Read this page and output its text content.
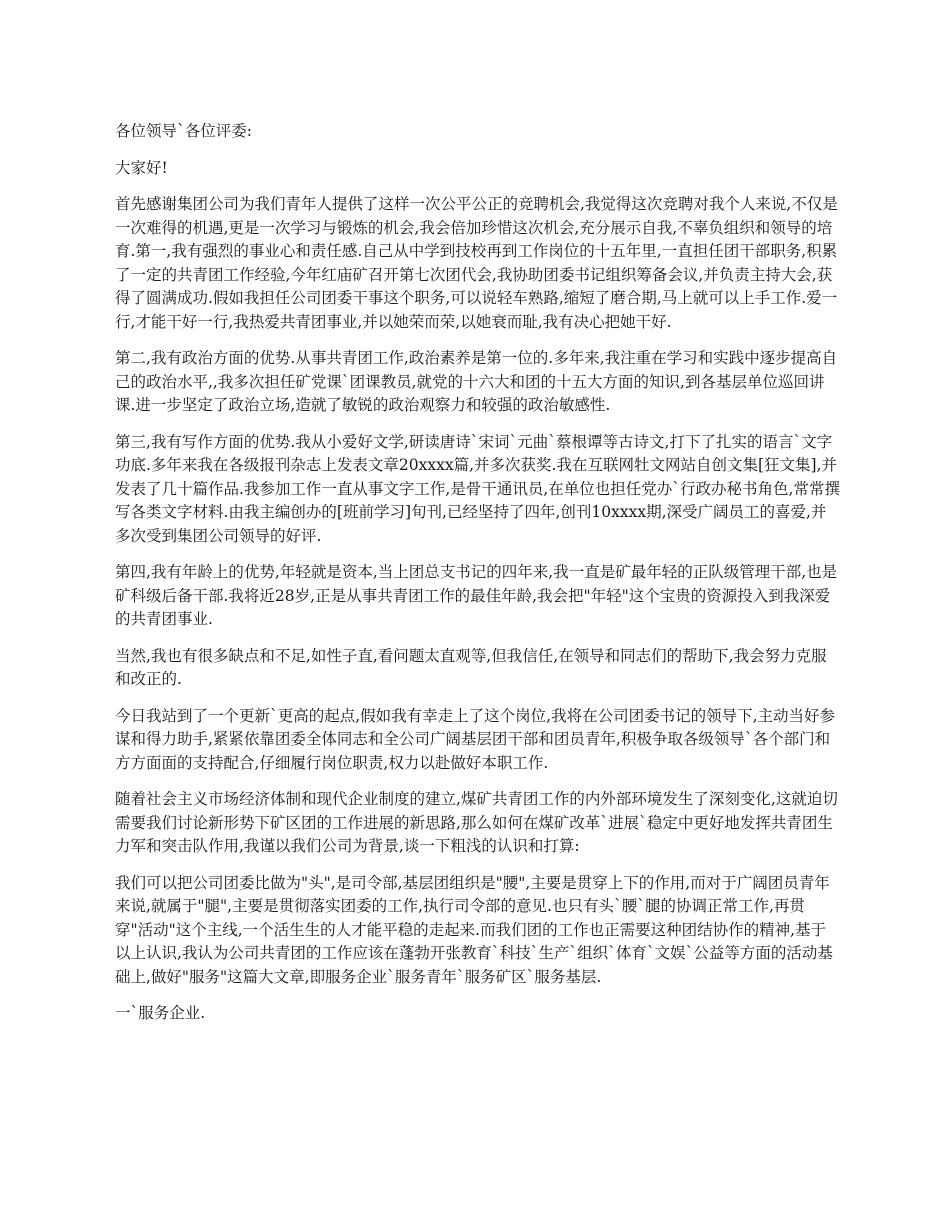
各位领导`各位评委:

大家好!

首先感谢集团公司为我们青年人提供了这样一次公平公正的竞聘机会,我觉得这次竞聘对我个人来说,不仅是一次难得的机遇,更是一次学习与锻炼的机会,我会倍加珍惜这次机会,充分展示自我,不辜负组织和领导的培育.第一,我有强烈的事业心和责任感.自己从中学到技校再到工作岗位的十五年里,一直担任团干部职务,积累了一定的共青团工作经验,今年红庙矿召开第七次团代会,我协助团委书记组织筹备会议,并负责主持大会,获得了圆满成功.假如我担任公司团委干事这个职务,可以说轻车熟路,缩短了磨合期,马上就可以上手工作.爱一行,才能干好一行,我热爱共青团事业,并以她荣而荣,以她衰而耻,我有决心把她干好.

第二,我有政治方面的优势.从事共青团工作,政治素养是第一位的.多年来,我注重在学习和实践中逐步提高自己的政治水平,,我多次担任矿党课`团课教员,就党的十六大和团的十五大方面的知识,到各基层单位巡回讲课.进一步坚定了政治立场,造就了敏锐的政治观察力和较强的政治敏感性.

第三,我有写作方面的优势.我从小爱好文学,研读唐诗`宋词`元曲`蔡根谭等古诗文,打下了扎实的语言`文字功底.多年来我在各级报刊杂志上发表文章20xxxx篇,并多次获奖.我在互联网牡文网站自创文集[狂文集],并发表了几十篇作品.我参加工作一直从事文字工作,是骨干通讯员,在单位也担任党办`行政办秘书角色,常常撰写各类文字材料.由我主编创办的[班前学习]旬刊,已经坚持了四年,创刊10xxxx期,深受广阔员工的喜爱,并多次受到集团公司领导的好评.

第四,我有年龄上的优势,年轻就是资本,当上团总支书记的四年来,我一直是矿最年轻的正队级管理干部,也是矿科级后备干部.我将近28岁,正是从事共青团工作的最佳年龄,我会把"年轻"这个宝贵的资源投入到我深爱的共青团事业.

当然,我也有很多缺点和不足,如性子直,看问题太直观等,但我信任,在领导和同志们的帮助下,我会努力克服和改正的.

今日我站到了一个更新`更高的起点,假如我有幸走上了这个岗位,我将在公司团委书记的领导下,主动当好参谋和得力助手,紧紧依靠团委全体同志和全公司广阔基层团干部和团员青年,积极争取各级领导`各个部门和方方面面的支持配合,仔细履行岗位职责,权力以赴做好本职工作.

随着社会主义市场经济体制和现代企业制度的建立,煤矿共青团工作的内外部环境发生了深刻变化,这就迫切需要我们讨论新形势下矿区团的工作进展的新思路,那么如何在煤矿改革`进展`稳定中更好地发挥共青团生力军和突击队作用,我谨以我们公司为背景,谈一下粗浅的认识和打算:

我们可以把公司团委比做为"头",是司令部,基层团组织是"腰",主要是贯穿上下的作用,而对于广阔团员青年来说,就属于"腿",主要是贯彻落实团委的工作,执行司令部的意见.也只有头`腰`腿的协调正常工作,再贯穿"活动"这个主线,一个活生生的人才能平稳的走起来.而我们团的工作也正需要这种团结协作的精神,基于以上认识,我认为公司共青团的工作应该在蓬勃开张教育`科技`生产`组织`体育`文娱`公益等方面的活动基础上,做好"服务"这篇大文章,即服务企业`服务青年`服务矿区`服务基层.

一`服务企业.
